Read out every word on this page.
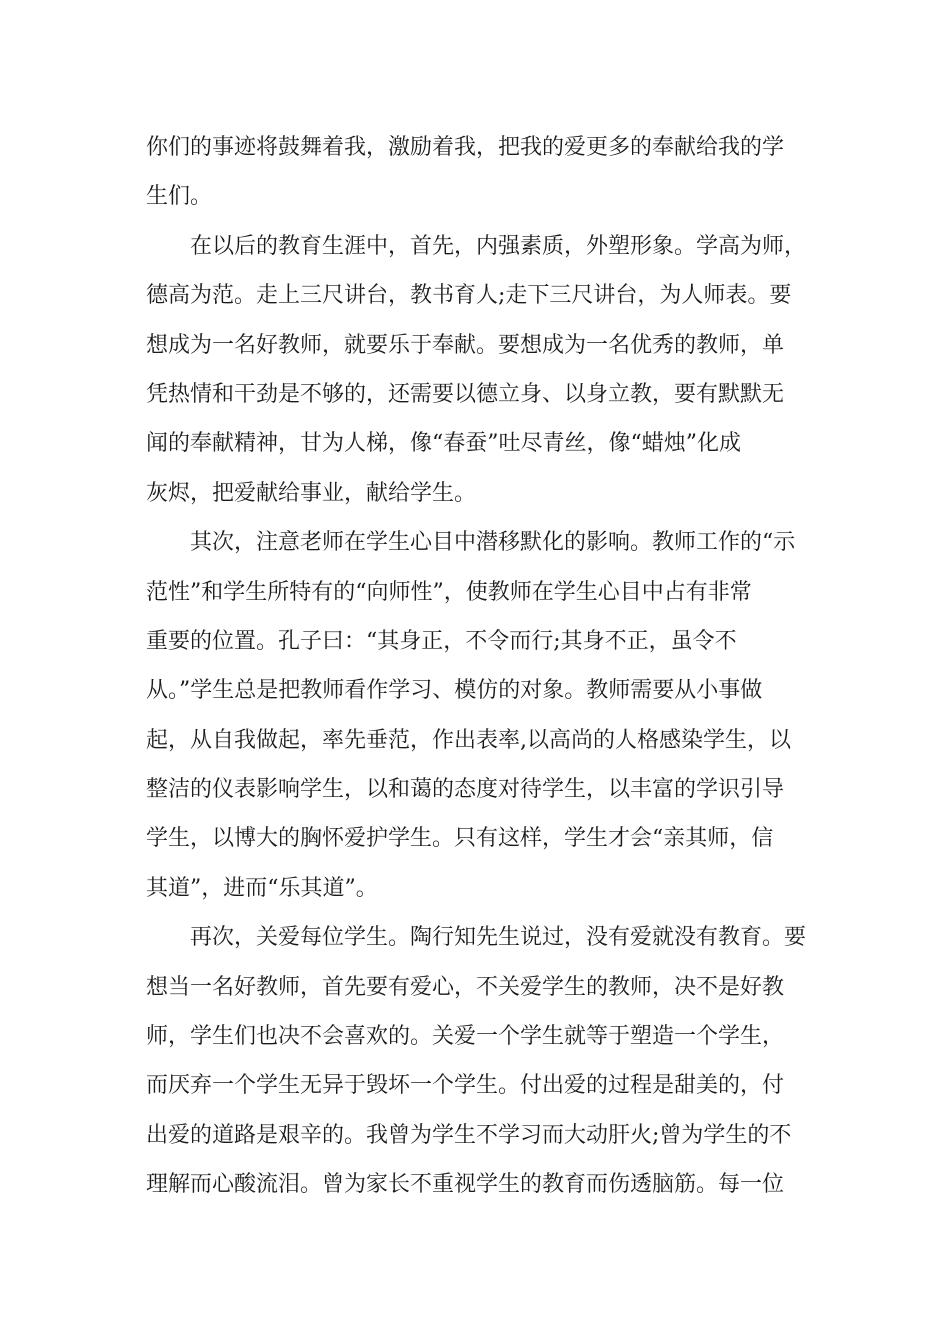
你们的事迹将鼓舞着我，激励着我，把我的爱更多的奉献给我的学
生们。
　　在以后的教育生涯中，首先，内强素质，外塑形象。学高为师，
德高为范。走上三尺讲台，教书育人;走下三尺讲台，为人师表。要
想成为一名好教师，就要乐于奉献。要想成为一名优秀的教师，单
凭热情和干劲是不够的，还需要以德立身、以身立教，要有默默无
闻的奉献精神，甘为人梯，像“春蚕”吐尽青丝，像“蜡烛”化成
灰烬，把爱献给事业，献给学生。
　　其次，注意老师在学生心目中潜移默化的影响。教师工作的“示
范性”和学生所特有的“向师性”，使教师在学生心目中占有非常
重要的位置。孔子曰：“其身正，不令而行;其身不正，虽令不
从。”学生总是把教师看作学习、模仿的对象。教师需要从小事做
起，从自我做起，率先垂范，作出表率,以高尚的人格感染学生，以
整洁的仪表影响学生，以和蔼的态度对待学生，以丰富的学识引导
学生，以博大的胸怀爱护学生。只有这样，学生才会“亲其师，信
其道”，进而“乐其道”。
　　再次，关爱每位学生。陶行知先生说过，没有爱就没有教育。要
想当一名好教师，首先要有爱心，不关爱学生的教师，决不是好教
师，学生们也决不会喜欢的。关爱一个学生就等于塑造一个学生，
而厌弃一个学生无异于毁坏一个学生。付出爱的过程是甜美的，付
出爱的道路是艰辛的。我曾为学生不学习而大动肝火;曾为学生的不
理解而心酸流泪。曾为家长不重视学生的教育而伤透脑筋。每一位
